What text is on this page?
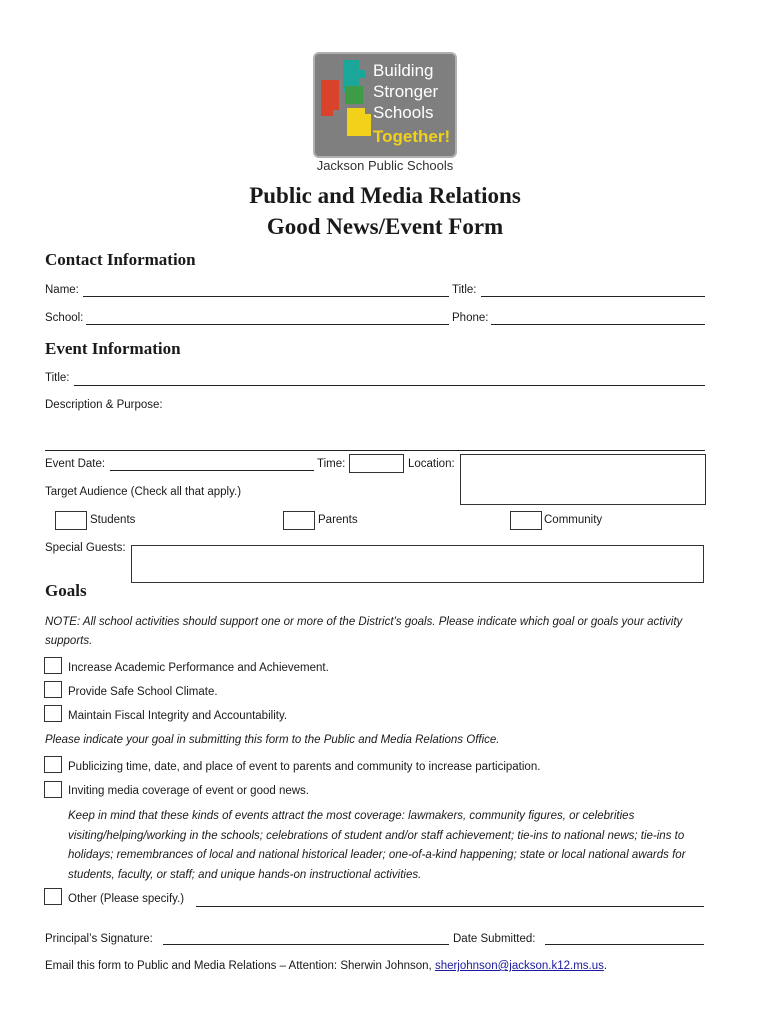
Building
Stronger
Schools
Together!
Jackson Public Schools
Public and Media Relations
Good News/Event Form
Contact Information
Name:	Title:
School:	Phone:
Event Information
Title:
Description & Purpose:
Event Date:	Time:	Location:
Target Audience (Check all that apply.)
Students	Parents	Community
Special Guests:
Goals
NOTE: All school activities should support one or more of the District’s goals. Please indicate which goal or goals your activity supports.
Increase Academic Performance and Achievement.
Provide Safe School Climate.
Maintain Fiscal Integrity and Accountability.
Please indicate your goal in submitting this form to the Public and Media Relations Office.
Publicizing time, date, and place of event to parents and community to increase participation.
Inviting media coverage of event or good news.
Keep in mind that these kinds of events attract the most coverage: lawmakers, community figures, or celebrities visiting/helping/working in the schools; celebrations of student and/or staff achievement; tie-ins to national news; tie-ins to holidays; remembrances of local and national historical leader; one-of-a-kind happening; state or local national awards for students, faculty, or staff; and unique hands-on instructional activities.
Other (Please specify.)
Principal’s Signature:	Date Submitted:
Email this form to Public and Media Relations – Attention: Sherwin Johnson, sherjohnson@jackson.k12.ms.us.
